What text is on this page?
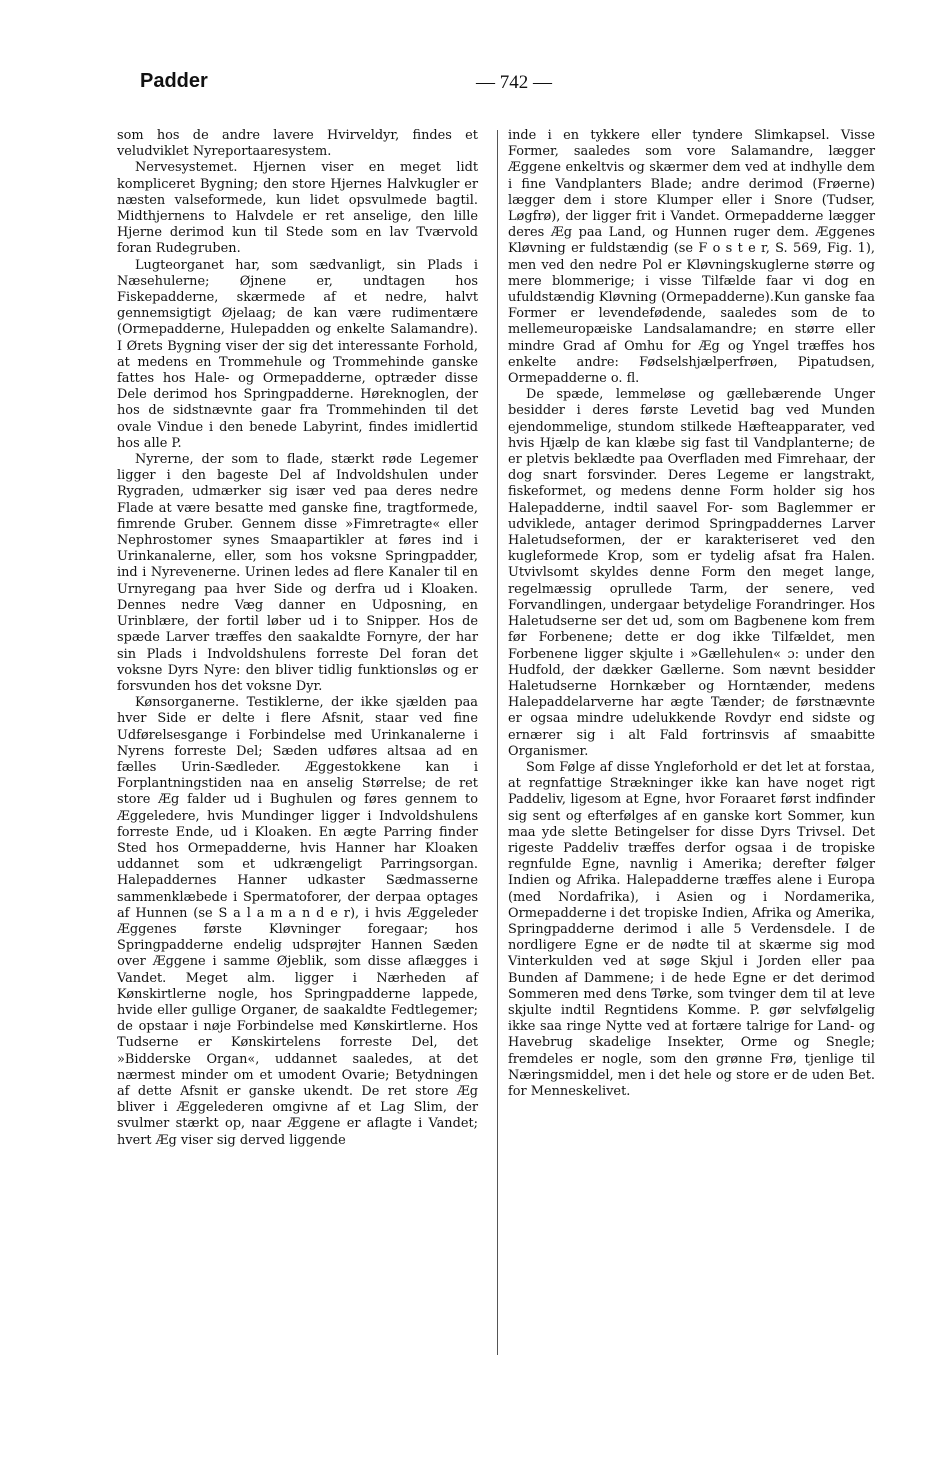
Padder	— 742 —

som hos de andre lavere Hvirveldyr, findes et veludviklet Nyreportaaresystem.

Nervesystemet. Hjernen viser en meget lidt kompliceret Bygning; den store Hjernes Halvkugler er næsten valseformede, kun lidet opsvulmede bagtil. Midthjernens to Halvdele er ret anselige, den lille Hjerne derimod kun til Stede som en lav Tværvold foran Rudegruben.

Lugteorganet har, som sædvanligt, sin Plads i Næsehulerne; Øjnene er, undtagen hos Fiskepadderne, skærmede af et nedre, halvt gennemsigtigt Øjelaag; de kan være rudimentære (Ormepadderne, Hulepadden og enkelte Salamandre). I Ørets Bygning viser der sig det interessante Forhold, at medens en Trommehule og Trommehinde ganske fattes hos Hale- og Ormepadderne, optræder disse Dele derimod hos Springpadderne. Høreknoglen, der hos de sidstnævnte gaar fra Trommehinden til det ovale Vindue i den benede Labyrint, findes imidlertid hos alle P.

Nyrerne, der som to flade, stærkt røde Legemer ligger i den bageste Del af Indvoldshulen under Rygraden, udmærker sig især ved paa deres nedre Flade at være besatte med ganske fine, tragtformede, fimrende Gruber. Gennem disse »Fimretragte« eller Nephrostomer synes Smaapartikler at føres ind i Urinkanalerne, eller, som hos voksne Springpadder, ind i Nyrevenerne. Urinen ledes ad flere Kanaler til en Urnyregang paa hver Side og derfra ud i Kloaken. Dennes nedre Væg danner en Udposning, en Urinblære, der fortil løber ud i to Snipper. Hos de spæde Larver træffes den saakaldte Fornyre, der har sin Plads i Indvoldshulens forreste Del foran det voksne Dyrs Nyre: den bliver tidlig funktionsløs og er forsvunden hos det voksne Dyr.

Kønsorganerne. Testiklerne, der ikke sjælden paa hver Side er delte i flere Afsnit, staar ved fine Udførelsesgange i Forbindelse med Urinkanalerne i Nyrens forreste Del; Sæden udføres altsaa ad en fælles Urin-Sædleder. Æggestokkene kan i Forplantningstiden naa en anselig Størrelse; de ret store Æg falder ud i Bughulen og føres gennem to Æggeledere, hvis Mundinger ligger i Indvoldshulens forreste Ende, ud i Kloaken. En ægte Parring finder Sted hos Ormepadderne, hvis Hanner har Kloaken uddannet som et udkrængeligt Parringsorgan. Halepaddernes Hanner udkaster Sædmasserne sammenklæbede i Spermatoforer, der derpaa optages af Hunnen (se S a l a m a n d e r), i hvis Æggeleder Æggenes første Kløvninger foregaar; hos Springpadderne endelig udsprøjter Hannen Sæden over Æggene i samme Øjeblik, som disse aflægges i Vandet. Meget alm. ligger i Nærheden af Kønskirtlerne nogle, hos Springpadderne lappede, hvide eller gullige Organer, de saakaldte Fedtlegemer; de opstaar i nøje Forbindelse med Kønskirtlerne. Hos Tudserne er Kønskirtelens forreste Del, det »Bidderske Organ«, uddannet saaledes, at det nærmest minder om et umodent Ovarie; Betydningen af dette Afsnit er ganske ukendt. De ret store Æg bliver i Æggelederen omgivne af et Lag Slim, der svulmer stærkt op, naar Æggene er aflagte i Vandet; hvert Æg viser sig derved liggende

inde i en tykkere eller tyndere Slimkapsel. Visse Former, saaledes som vore Salamandre, lægger Æggene enkeltvis og skærmer dem ved at indhylle dem i fine Vandplanters Blade; andre derimod (Frøerne) lægger dem i store Klumper eller i Snore (Tudser, Løgfrø), der ligger frit i Vandet. Ormepadderne lægger deres Æg paa Land, og Hunnen ruger dem. Æggenes Kløvning er fuldstændig (se F o s t e r, S. 569, Fig. 1), men ved den nedre Pol er Kløvningskuglerne større og mere blommerige; i visse Tilfælde faar vi dog en ufuldstændig Kløvning (Ormepadderne).Kun ganske faa Former er levendefødende, saaledes som de to mellemeuropæiske Landsalamandre; en større eller mindre Grad af Omhu for Æg og Yngel træffes hos enkelte andre: Fødselshjælperfrøen, Pipatudsen, Ormepadderne o. fl.

De spæde, lemmeløse og gællebærende Unger besidder i deres første Levetid bag ved Munden ejendommelige, stundom stilkede Hæfteapparater, ved hvis Hjælp de kan klæbe sig fast til Vandplanterne; de er pletvis beklædte paa Overfladen med Fimrehaar, der dog snart forsvinder. Deres Legeme er langstrakt, fiskeformet, og medens denne Form holder sig hos Halepadderne, indtil saavel For- som Baglemmer er udviklede, antager derimod Springpaddernes Larver Haletudseformen, der er karakteriseret ved den kugleformede Krop, som er tydelig afsat fra Halen. Utvivlsomt skyldes denne Form den meget lange, regelmæssig oprullede Tarm, der senere, ved Forvandlingen, undergaar betydelige Forandringer. Hos Haletudserne ser det ud, som om Bagbenene kom frem før Forbenene; dette er dog ikke Tilfældet, men Forbenene ligger skjulte i »Gællehulen« ɔ: under den Hudfold, der dækker Gællerne. Som nævnt besidder Haletudserne Hornkæber og Horntænder, medens Halepaddelarverne har ægte Tænder; de førstnævnte er ogsaa mindre udelukkende Rovdyr end sidste og ernærer sig i alt Fald fortrinsvis af smaabitte Organismer.

Som Følge af disse Yngleforhold er det let at forstaa, at regnfattige Strækninger ikke kan have noget rigt Paddeliv, ligesom at Egne, hvor Foraaret først indfinder sig sent og efterfølges af en ganske kort Sommer, kun maa yde slette Betingelser for disse Dyrs Trivsel. Det rigeste Paddeliv træffes derfor ogsaa i de tropiske regnfulde Egne, navnlig i Amerika; derefter følger Indien og Afrika. Halepadderne træffes alene i Europa (med Nordafrika), i Asien og i Nordamerika, Ormepadderne i det tropiske Indien, Afrika og Amerika, Springpadderne derimod i alle 5 Verdensdele. I de nordligere Egne er de nødte til at skærme sig mod Vinterkulden ved at søge Skjul i Jorden eller paa Bunden af Dammene; i de hede Egne er det derimod Sommeren med dens Tørke, som tvinger dem til at leve skjulte indtil Regntidens Komme. P. gør selvfølgelig ikke saa ringe Nytte ved at fortære talrige for Land- og Havebrug skadelige Insekter, Orme og Snegle; fremdeles er nogle, som den grønne Frø, tjenlige til Næringsmiddel, men i det hele og store er de uden Bet. for Menneskelivet.
